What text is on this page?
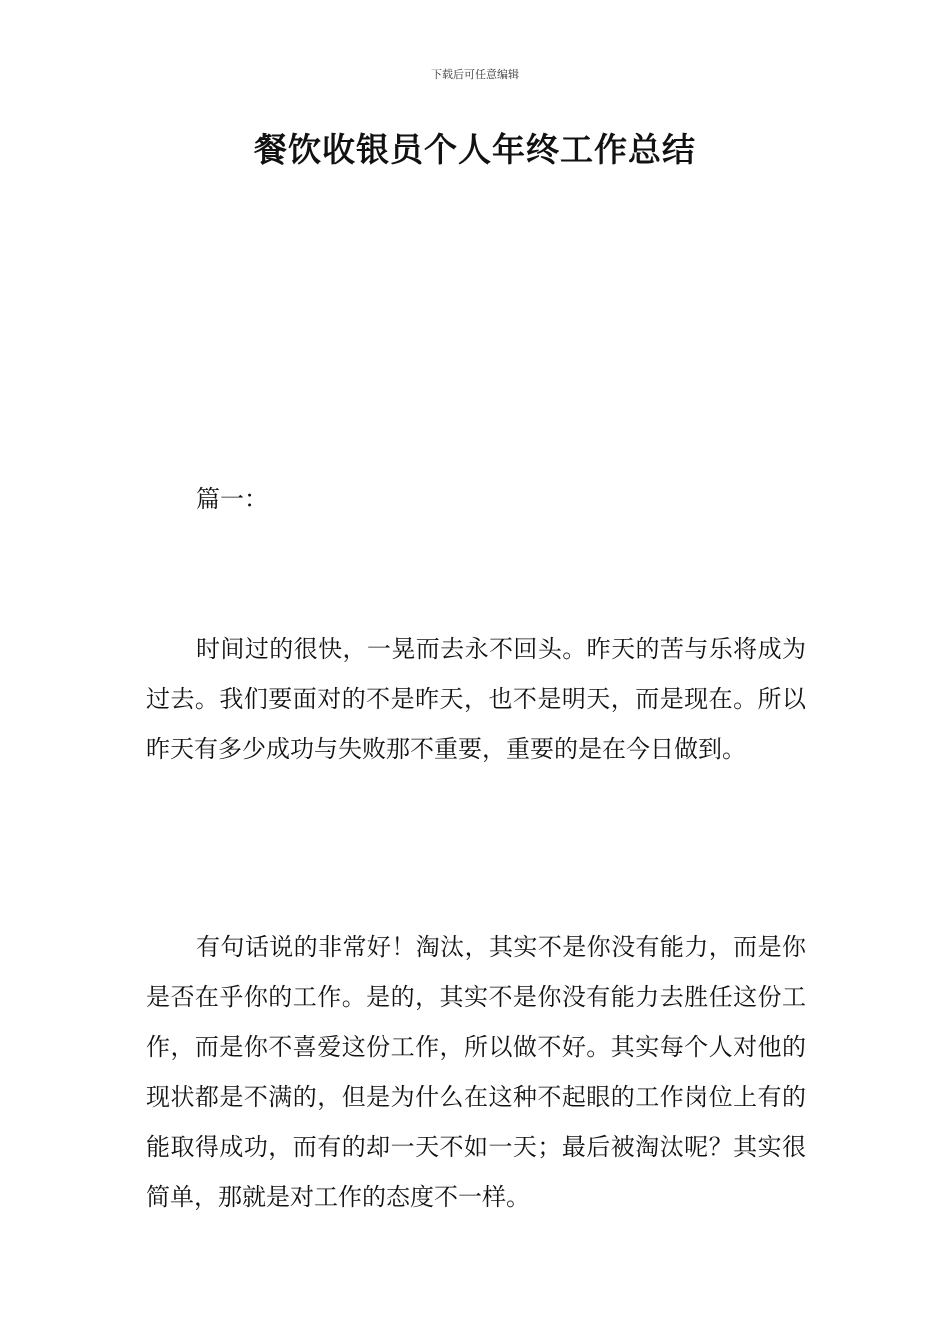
下载后可任意编辑
餐饮收银员个人年终工作总结
篇一：

时间过的很快，一晃而去永不回头。昨天的苦与乐将成为过去。我们要面对的不是昨天，也不是明天，而是现在。所以昨天有多少成功与失败那不重要，重要的是在今日做到。

有句话说的非常好！淘汰，其实不是你没有能力，而是你是否在乎你的工作。是的，其实不是你没有能力去胜任这份工作，而是你不喜爱这份工作，所以做不好。其实每个人对他的现状都是不满的，但是为什么在这种不起眼的工作岗位上有的能取得成功，而有的却一天不如一天；最后被淘汰呢？其实很简单，那就是对工作的态度不一样。
